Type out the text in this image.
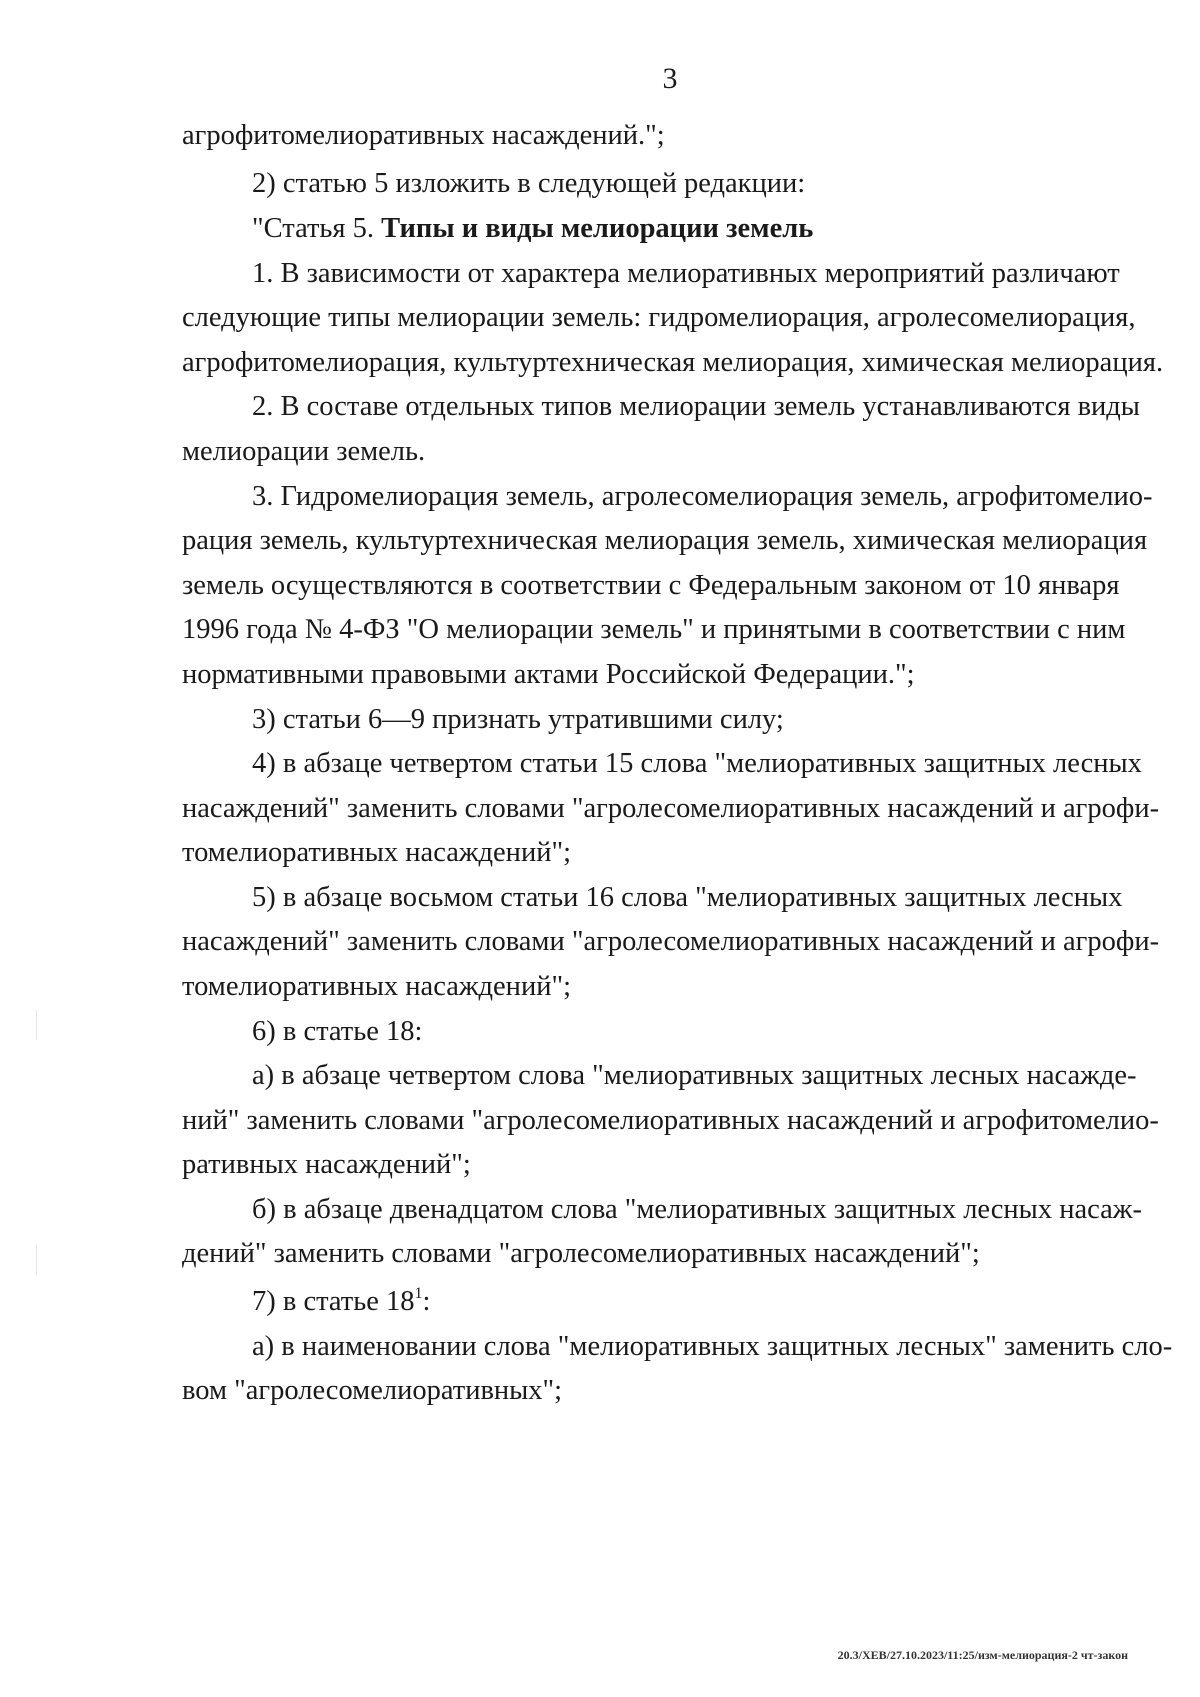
3
агрофитомелиоративных насаждений.";
2) статью 5 изложить в следующей редакции:
"Статья 5. Типы и виды мелиорации земель
1. В зависимости от характера мелиоративных мероприятий различают
следующие типы мелиорации земель: гидромелиорация, агролесомелиорация,
агрофитомелиорация, культуртехническая мелиорация, химическая мелиорация.
2. В составе отдельных типов мелиорации земель устанавливаются виды
мелиорации земель.
3. Гидромелиорация земель, агролесомелиорация земель, агрофитомелио-
рация земель, культуртехническая мелиорация земель, химическая мелиорация
земель осуществляются в соответствии с Федеральным законом от 10 января
1996 года № 4-ФЗ "О мелиорации земель" и принятыми в соответствии с ним
нормативными правовыми актами Российской Федерации.";
3) статьи 6—9 признать утратившими силу;
4) в абзаце четвертом статьи 15 слова "мелиоративных защитных лесных
насаждений" заменить словами "агролесомелиоративных насаждений и агрофи-
томелиоративных насаждений";
5) в абзаце восьмом статьи 16 слова "мелиоративных защитных лесных
насаждений" заменить словами "агролесомелиоративных насаждений и агрофи-
томелиоративных насаждений";
6) в статье 18:
а) в абзаце четвертом слова "мелиоративных защитных лесных насажде-
ний" заменить словами "агролесомелиоративных насаждений и агрофитомелио-
ративных насаждений";
б) в абзаце двенадцатом слова "мелиоративных защитных лесных насаж-
дений" заменить словами "агролесомелиоративных насаждений";
7) в статье $18^1$:
а) в наименовании слова "мелиоративных защитных лесных" заменить сло-
вом "агролесомелиоративных";
20.3/ХЕВ/27.10.2023/11:25/изм-мелиорация-2 чт-закон
